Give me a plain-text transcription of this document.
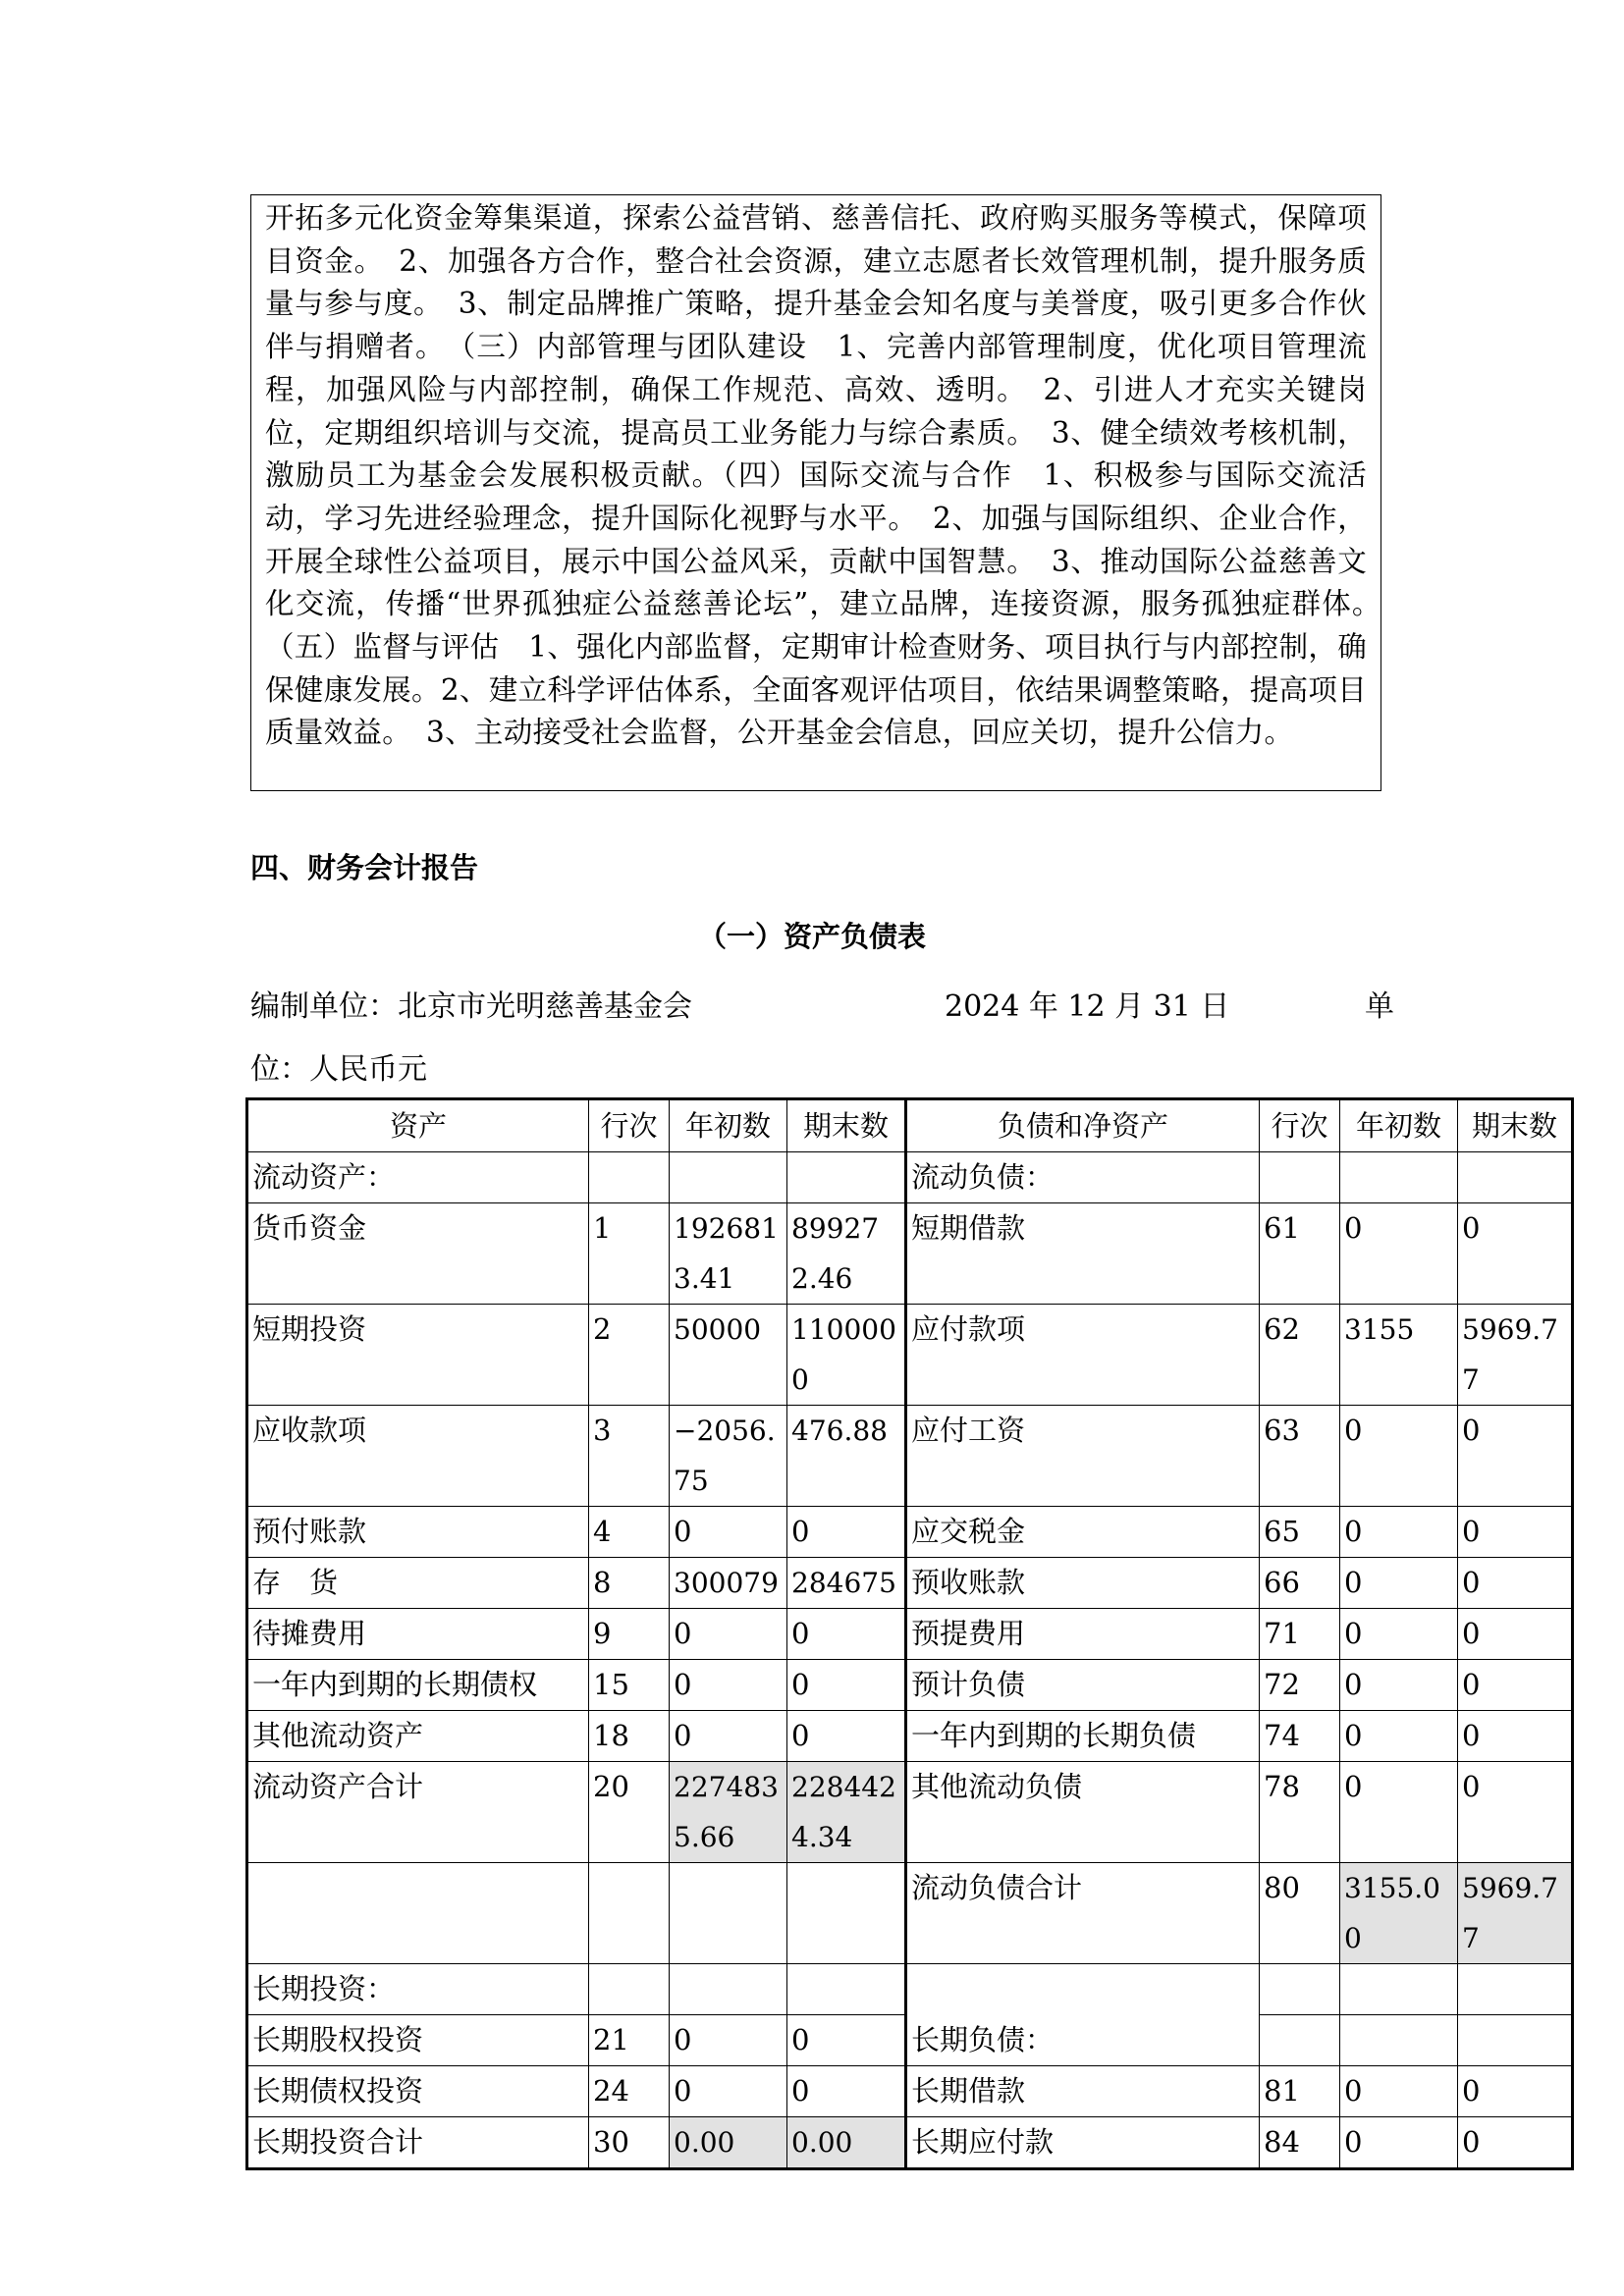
开拓多元化资金筹集渠道，探索公益营销、慈善信托、政府购买服务等模式，保障项目资金。　2、加强各方合作，整合社会资源，建立志愿者长效管理机制，提升服务质量与参与度。　3、制定品牌推广策略，提升基金会知名度与美誉度，吸引更多合作伙伴与捐赠者。　（三）内部管理与团队建设　1、完善内部管理制度，优化项目管理流程，加强风险与内部控制，确保工作规范、高效、透明。　2、引进人才充实关键岗位，定期组织培训与交流，提高员工业务能力与综合素质。　3、健全绩效考核机制，激励员工为基金会发展积极贡献。（四）国际交流与合作　1、积极参与国际交流活动，学习先进经验理念，提升国际化视野与水平。　2、加强与国际组织、企业合作，开展全球性公益项目，展示中国公益风采，贡献中国智慧。　3、推动国际公益慈善文化交流，传播“世界孤独症公益慈善论坛”，建立品牌，连接资源，服务孤独症群体。　（五）监督与评估　1、强化内部监督，定期审计检查财务、项目执行与内部控制，确保健康发展。2、建立科学评估体系，全面客观评估项目，依结果调整策略，提高项目质量效益。　3、主动接受社会监督，公开基金会信息，回应关切，提升公信力。

四、财务会计报告
（一）资产负债表
编制单位：北京市光明慈善基金会	2024 年 12 月 31 日	单
位：人民币元
资产	行次	年初数	期末数	负债和净资产	行次	年初数	期末数
流动资产：				流动负债：			
货币资金	1	1926813.41	899272.46	短期借款	61	0	0
短期投资	2	50000	1100000	应付款项	62	3155	5969.77
应收款项	3	−2056.75	476.88	应付工资	63	0	0
预付账款	4	0	0	应交税金	65	0	0
存　货	8	300079	284675	预收账款	66	0	0
待摊费用	9	0	0	预提费用	71	0	0
一年内到期的长期债权	15	0	0	预计负债	72	0	0
其他流动资产	18	0	0	一年内到期的长期负债	74	0	0
流动资产合计	20	2274835.66	2284424.34	其他流动负债	78	0	0
				流动负债合计	80	3155.00	5969.77
长期投资：							
长期股权投资	21	0	0	长期负债：			
长期债权投资	24	0	0	长期借款	81	0	0
长期投资合计	30	0.00	0.00	长期应付款	84	0	0
